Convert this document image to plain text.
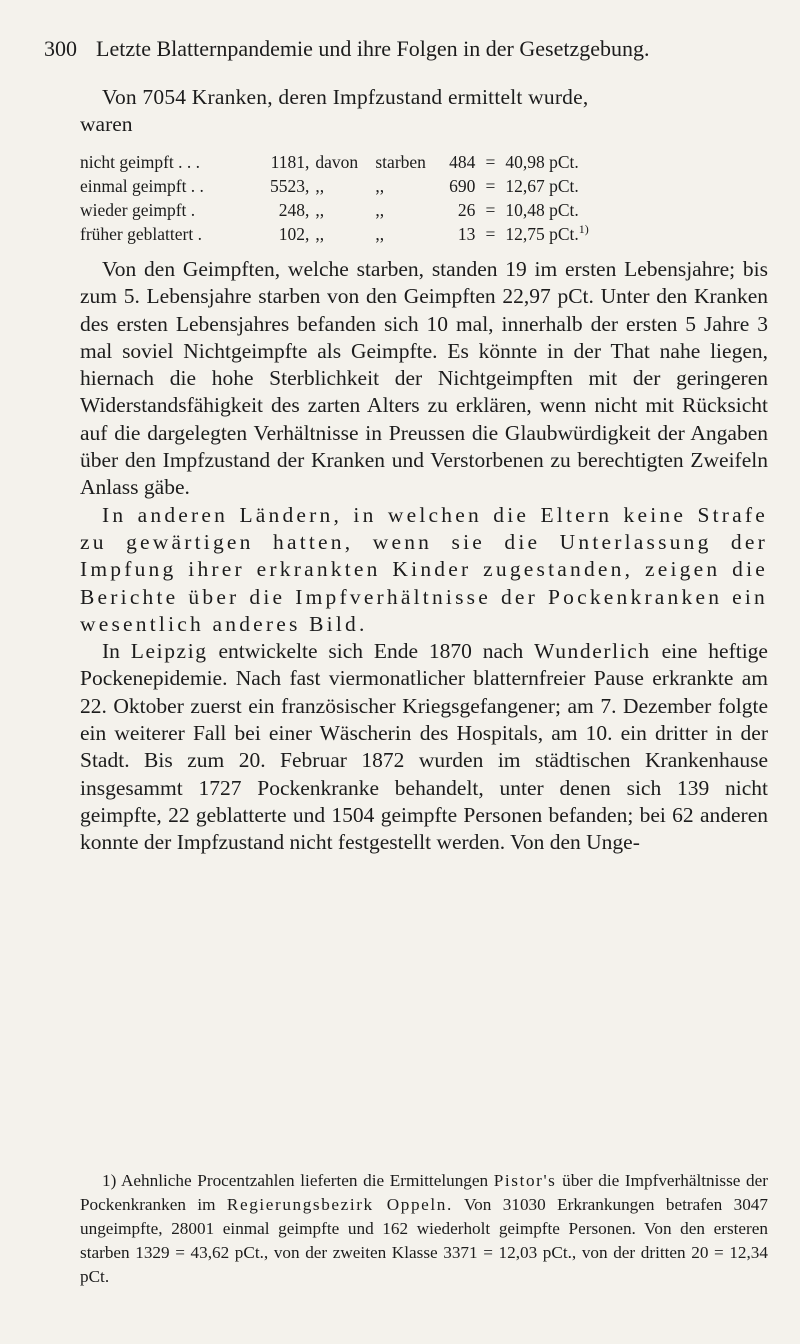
300 Letzte Blatternpandemie und ihre Folgen in der Gesetzgebung.
Von 7054 Kranken, deren Impfzustand ermittelt wurde,
waren
nicht geimpft . . .	1181,	davon	starben	484	=	40,98 pCt.
einmal geimpft . .	5523,	,,	,,	690	=	12,67 pCt.
wieder geimpft .	248,	,,	,,	26	=	10,48 pCt.
früher geblattert .	102,	,,	,,	13	=	12,75 pCt.$^{1)}$

Von den Geimpften, welche starben, standen 19 im ersten Lebensjahre; bis zum 5. Lebensjahre starben von den Geimpften 22,97 pCt. Unter den Kranken des ersten Lebensjahres befanden sich 10 mal, innerhalb der ersten 5 Jahre 3 mal soviel Nichtgeimpfte als Geimpfte. Es könnte in der That nahe liegen, hiernach die hohe Sterblichkeit der Nichtgeimpften mit der geringeren Widerstandsfähigkeit des zarten Alters zu erklären, wenn nicht mit Rücksicht auf die dargelegten Verhältnisse in Preussen die Glaubwürdigkeit der Angaben über den Impfzustand der Kranken und Verstorbenen zu berechtigten Zweifeln Anlass gäbe.

In anderen Ländern, in welchen die Eltern keine Strafe zu gewärtigen hatten, wenn sie die Unterlassung der Impfung ihrer erkrankten Kinder zugestanden, zeigen die Berichte über die Impfverhältnisse der Pockenkranken ein wesentlich anderes Bild.

In Leipzig entwickelte sich Ende 1870 nach Wunderlich eine heftige Pockenepidemie. Nach fast viermonatlicher blatternfreier Pause erkrankte am 22. Oktober zuerst ein französischer Kriegsgefangener; am 7. Dezember folgte ein weiterer Fall bei einer Wäscherin des Hospitals, am 10. ein dritter in der Stadt. Bis zum 20. Februar 1872 wurden im städtischen Krankenhause insgesammt 1727 Pockenkranke behandelt, unter denen sich 139 nicht geimpfte, 22 geblatterte und 1504 geimpfte Personen befanden; bei 62 anderen konnte der Impfzustand nicht festgestellt werden. Von den Unge-

1) Aehnliche Procentzahlen lieferten die Ermittelungen Pistor's über die Impfverhältnisse der Pockenkranken im Regierungsbezirk Oppeln. Von 31030 Erkrankungen betrafen 3047 ungeimpfte, 28001 einmal geimpfte und 162 wiederholt geimpfte Personen. Von den ersteren starben 1329 = 43,62 pCt., von der zweiten Klasse 3371 = 12,03 pCt., von der dritten 20 = 12,34 pCt.
